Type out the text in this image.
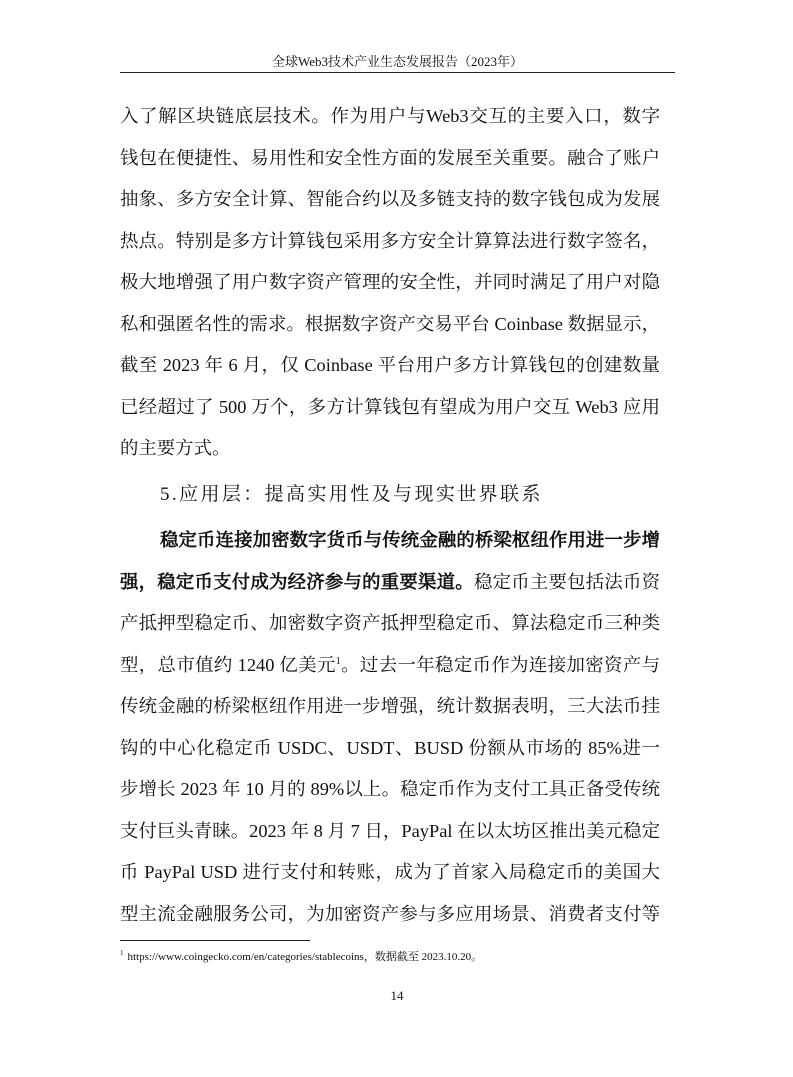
全球Web3技术产业生态发展报告（2023年）
入了解区块链底层技术。作为用户与Web3交互的主要入口，数字
钱包在便捷性、易用性和安全性方面的发展至关重要。融合了账户
抽象、多方安全计算、智能合约以及多链支持的数字钱包成为发展
热点。特别是多方计算钱包采用多方安全计算算法进行数字签名，
极大地增强了用户数字资产管理的安全性，并同时满足了用户对隐
私和强匿名性的需求。根据数字资产交易平台 Coinbase 数据显示，
截至 2023 年 6 月，仅 Coinbase 平台用户多方计算钱包的创建数量
已经超过了 500 万个，多方计算钱包有望成为用户交互 Web3 应用
的主要方式。
5.应用层：提高实用性及与现实世界联系
稳定币连接加密数字货币与传统金融的桥梁枢纽作用进一步增
强，稳定币支付成为经济参与的重要渠道。稳定币主要包括法币资
产抵押型稳定币、加密数字资产抵押型稳定币、算法稳定币三种类
型，总市值约 1240 亿美元$^1$。过去一年稳定币作为连接加密资产与
传统金融的桥梁枢纽作用进一步增强，统计数据表明，三大法币挂
钩的中心化稳定币 USDC、USDT、BUSD 份额从市场的 85%进一
步增长 2023 年 10 月的 89%以上。稳定币作为支付工具正备受传统
支付巨头青睐。2023 年 8 月 7 日，PayPal 在以太坊区推出美元稳定
币 PayPal USD 进行支付和转账，成为了首家入局稳定币的美国大
型主流金融服务公司，为加密资产参与多应用场景、消费者支付等
$^1$ https://www.coingecko.com/en/categories/stablecoins，数据截至 2023.10.20。
14
